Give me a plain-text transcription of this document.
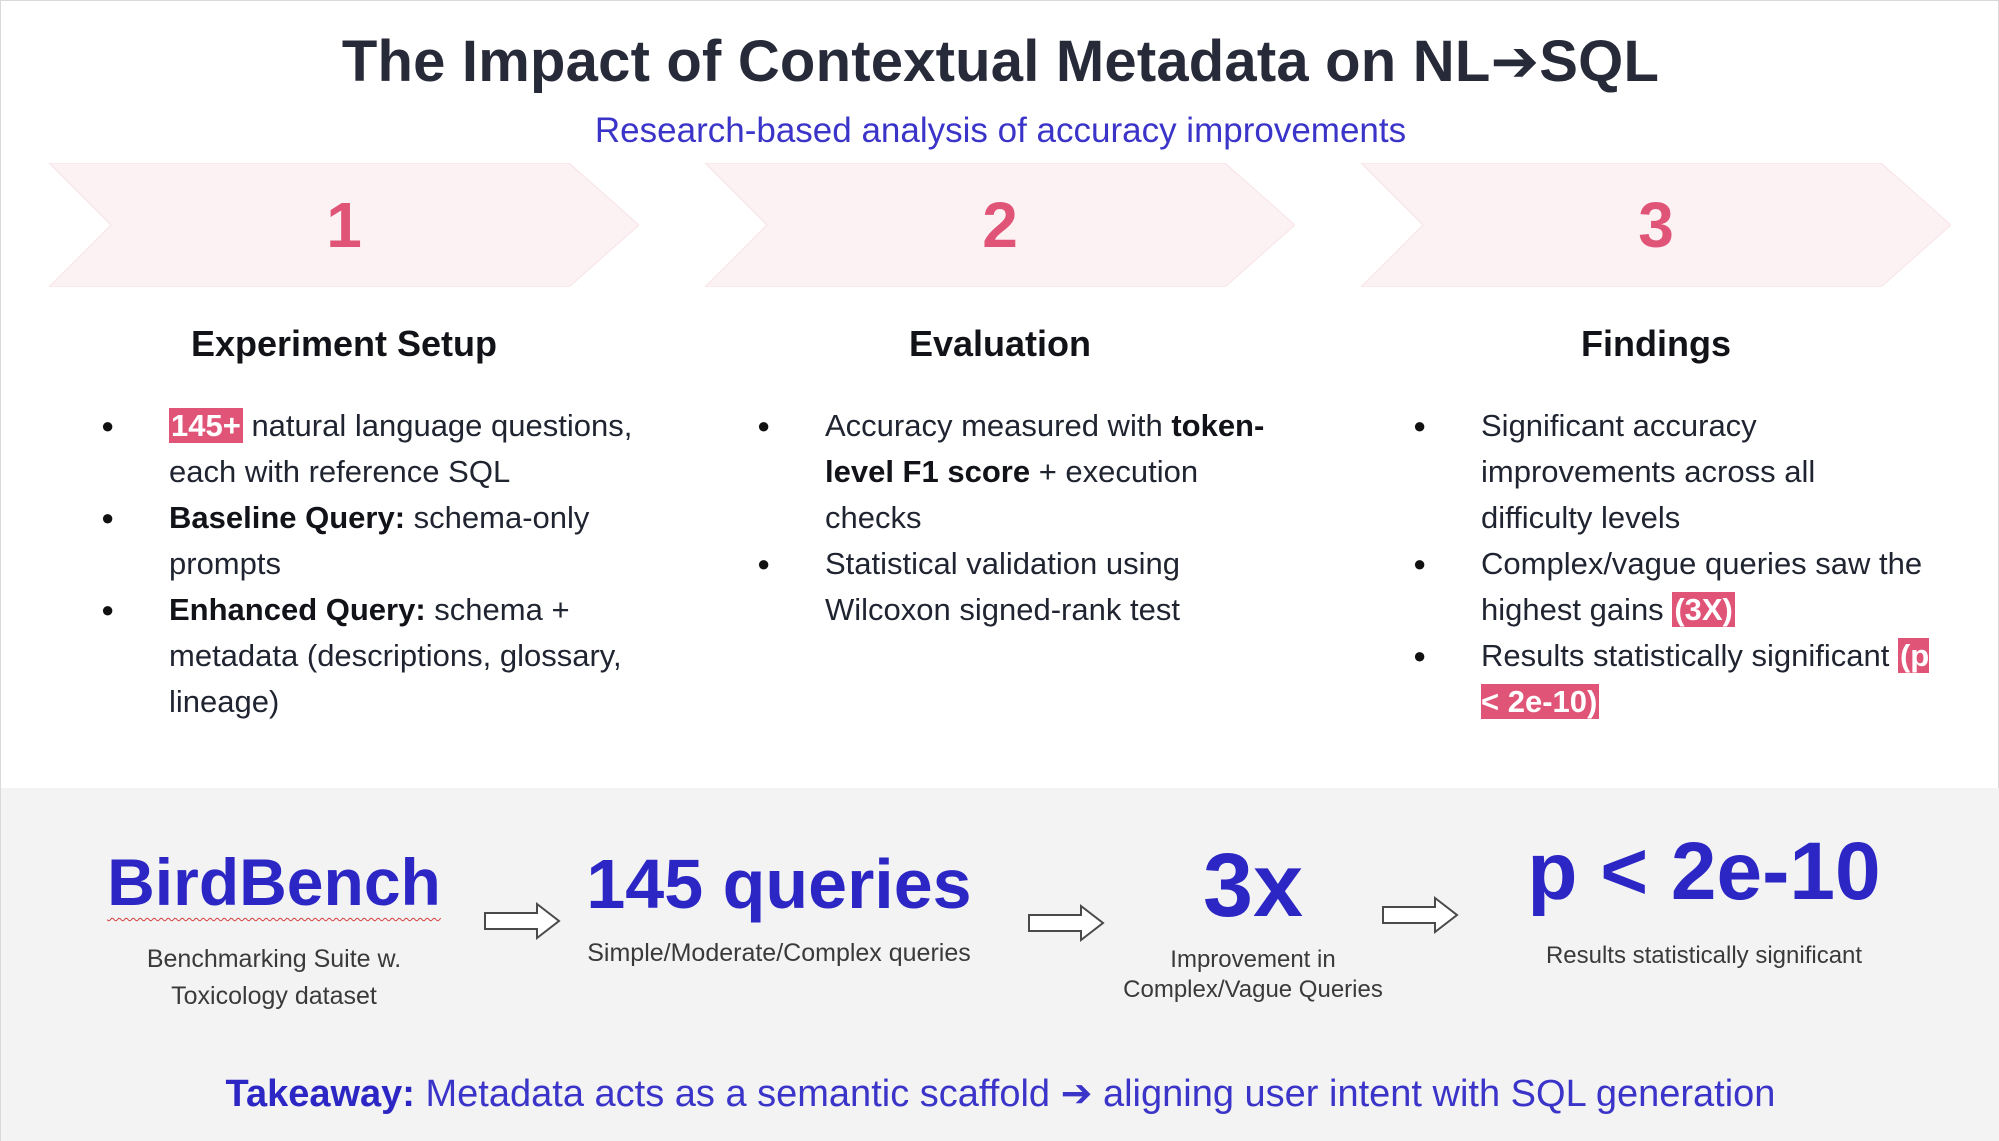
The Impact of Contextual Metadata on NL➔SQL
Research-based analysis of accuracy improvements
1	2	3
Experiment Setup	Evaluation	Findings
● 145+ natural language questions, each with reference SQL
● Baseline Query: schema-only prompts
● Enhanced Query: schema + metadata (descriptions, glossary, lineage)
● Accuracy measured with token-level F1 score + execution checks
● Statistical validation using Wilcoxon signed-rank test
● Significant accuracy improvements across all difficulty levels
● Complex/vague queries saw the highest gains (3X)
● Results statistically significant (p < 2e-10)
BirdBench
Benchmarking Suite w. Toxicology dataset
145 queries
Simple/Moderate/Complex queries
3x
Improvement in Complex/Vague Queries
p < 2e-10
Results statistically significant
Takeaway: Metadata acts as a semantic scaffold ➔ aligning user intent with SQL generation
